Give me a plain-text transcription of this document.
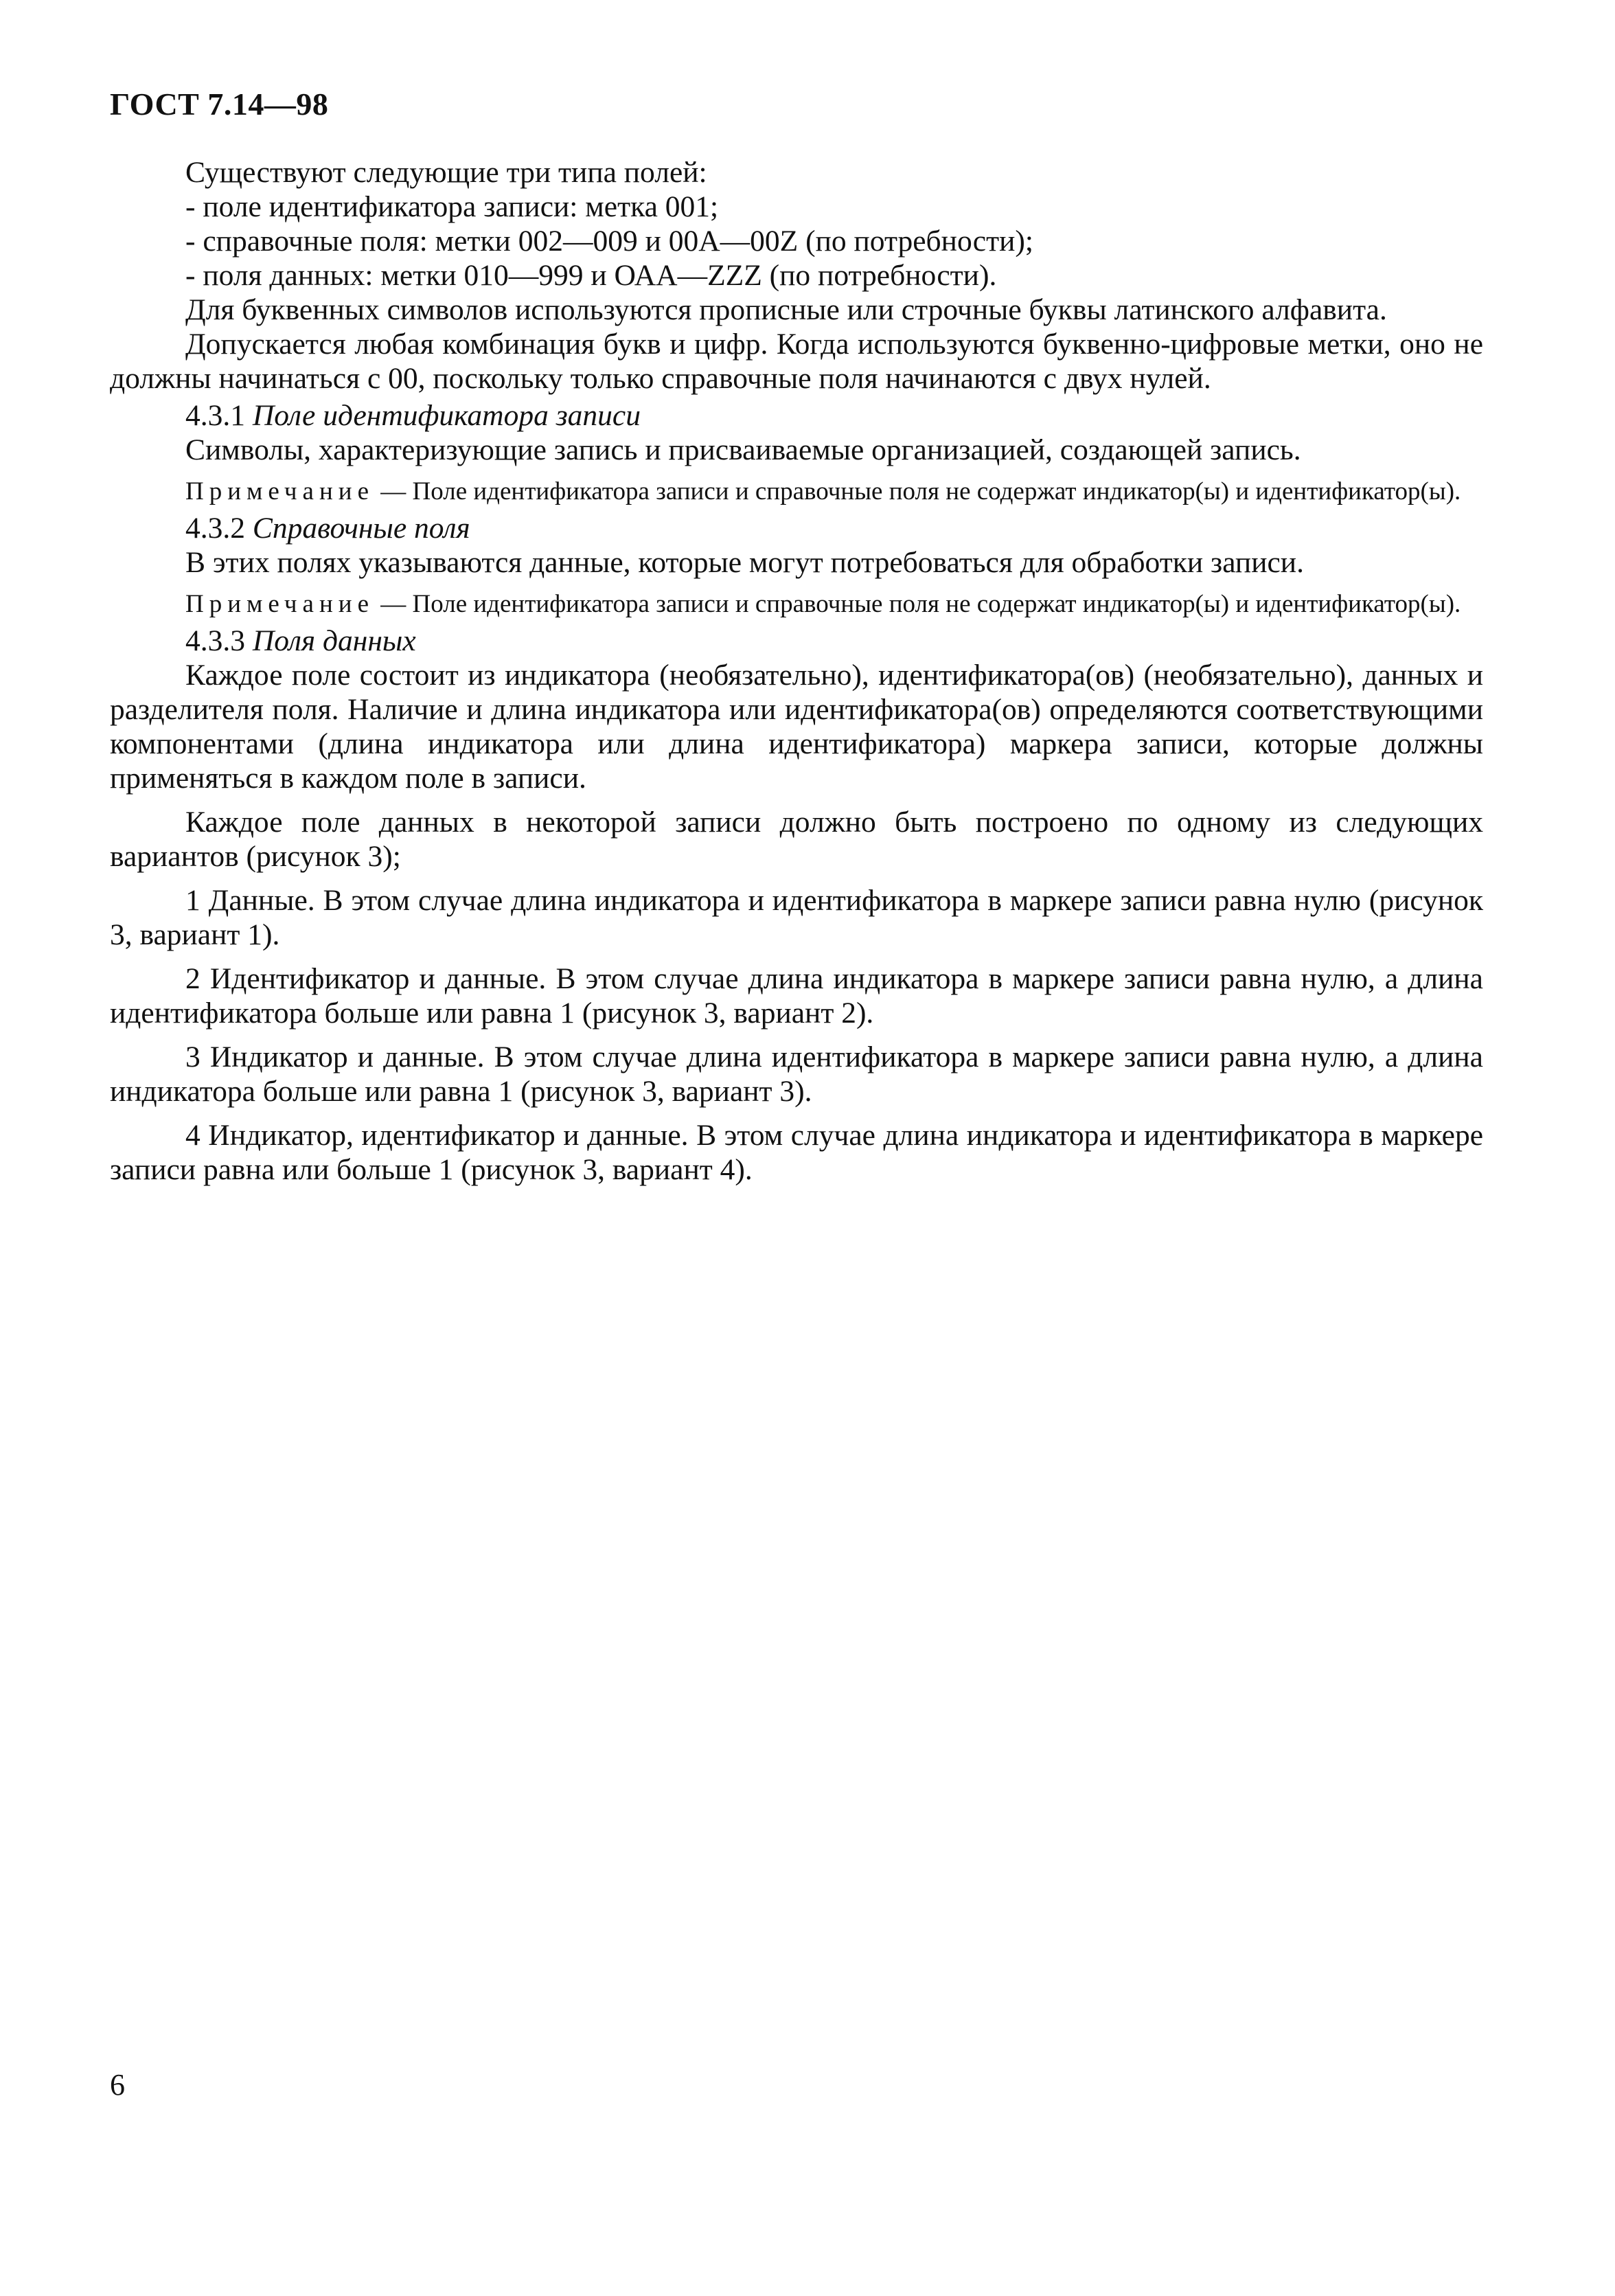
ГОСТ 7.14—98

Существуют следующие три типа полей:

- поле идентификатора записи: метка 001;

- справочные поля: метки 002—009 и 00А—00Z (по потребности);

- поля данных: метки 010—999 и ОАА—ZZZ (по потребности).

Для буквенных символов используются прописные или строчные буквы латинского алфавита.

Допускается любая комбинация букв и цифр. Когда используются буквенно-цифровые метки, оно не должны начинаться с 00, поскольку только справочные поля начинаются с двух нулей.

4.3.1 Поле идентификатора записи

Символы, характеризующие запись и присваиваемые организацией, создающей запись.

Примечание — Поле идентификатора записи и справочные поля не содержат индикатор(ы) и идентификатор(ы).

4.3.2 Справочные поля

В этих полях указываются данные, которые могут потребоваться для обработки записи.

Примечание — Поле идентификатора записи и справочные поля не содержат индикатор(ы) и идентификатор(ы).

4.3.3 Поля данных

Каждое поле состоит из индикатора (необязательно), идентификатора(ов) (необязательно), данных и разделителя поля. Наличие и длина индикатора или идентификатора(ов) определяются соответствующими компонентами (длина индикатора или длина идентификатора) маркера записи, которые должны применяться в каждом поле в записи.

Каждое поле данных в некоторой записи должно быть построено по одному из следующих вариантов (рисунок 3);

1 Данные. В этом случае длина индикатора и идентификатора в маркере записи равна нулю (рисунок 3, вариант 1).

2 Идентификатор и данные. В этом случае длина индикатора в маркере записи равна нулю, а длина идентификатора больше или равна 1 (рисунок 3, вариант 2).

3 Индикатор и данные. В этом случае длина идентификатора в маркере записи равна нулю, а длина индикатора больше или равна 1 (рисунок 3, вариант 3).

4 Индикатор, идентификатор и данные. В этом случае длина индикатора и идентификатора в маркере записи равна или больше 1 (рисунок 3, вариант 4).

6
